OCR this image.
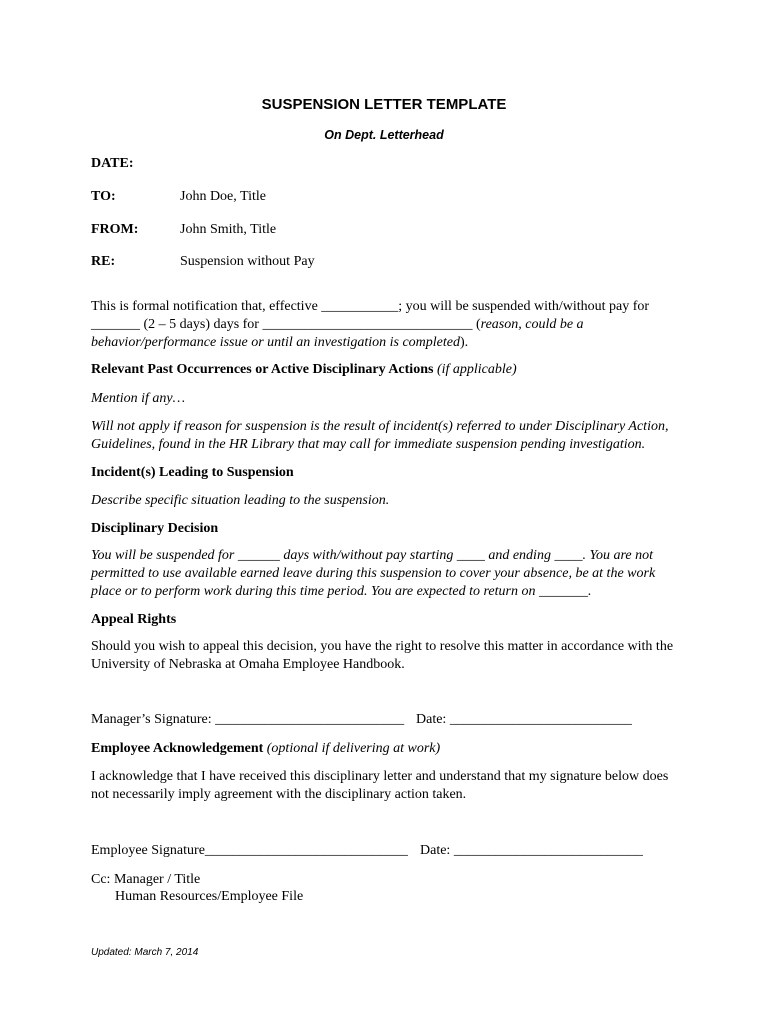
SUSPENSION LETTER TEMPLATE
On Dept. Letterhead
DATE:
TO:	John Doe, Title
FROM:	John Smith, Title
RE:	Suspension without Pay
This is formal notification that, effective ___________; you will be suspended with/without pay for _______ (2 – 5 days) days for ______________________________ (reason, could be a behavior/performance issue or until an investigation is completed).
Relevant Past Occurrences or Active Disciplinary Actions (if applicable)
Mention if any…
Will not apply if reason for suspension is the result of incident(s) referred to under Disciplinary Action, Guidelines, found in the HR Library that may call for immediate suspension pending investigation.
Incident(s) Leading to Suspension
Describe specific situation leading to the suspension.
Disciplinary Decision
You will be suspended for ______ days with/without pay starting ____ and ending ____. You are not permitted to use available earned leave during this suspension to cover your absence, be at the work place or to perform work during this time period. You are expected to return on _______.
Appeal Rights
Should you wish to appeal this decision, you have the right to resolve this matter in accordance with the University of Nebraska at Omaha Employee Handbook.
Manager’s Signature: ___________________________ Date: __________________________
Employee Acknowledgement (optional if delivering at work)
I acknowledge that I have received this disciplinary letter and understand that my signature below does not necessarily imply agreement with the disciplinary action taken.
Employee Signature_____________________________ Date: ___________________________
Cc: Manager / Title
Human Resources/Employee File
Updated: March 7, 2014
